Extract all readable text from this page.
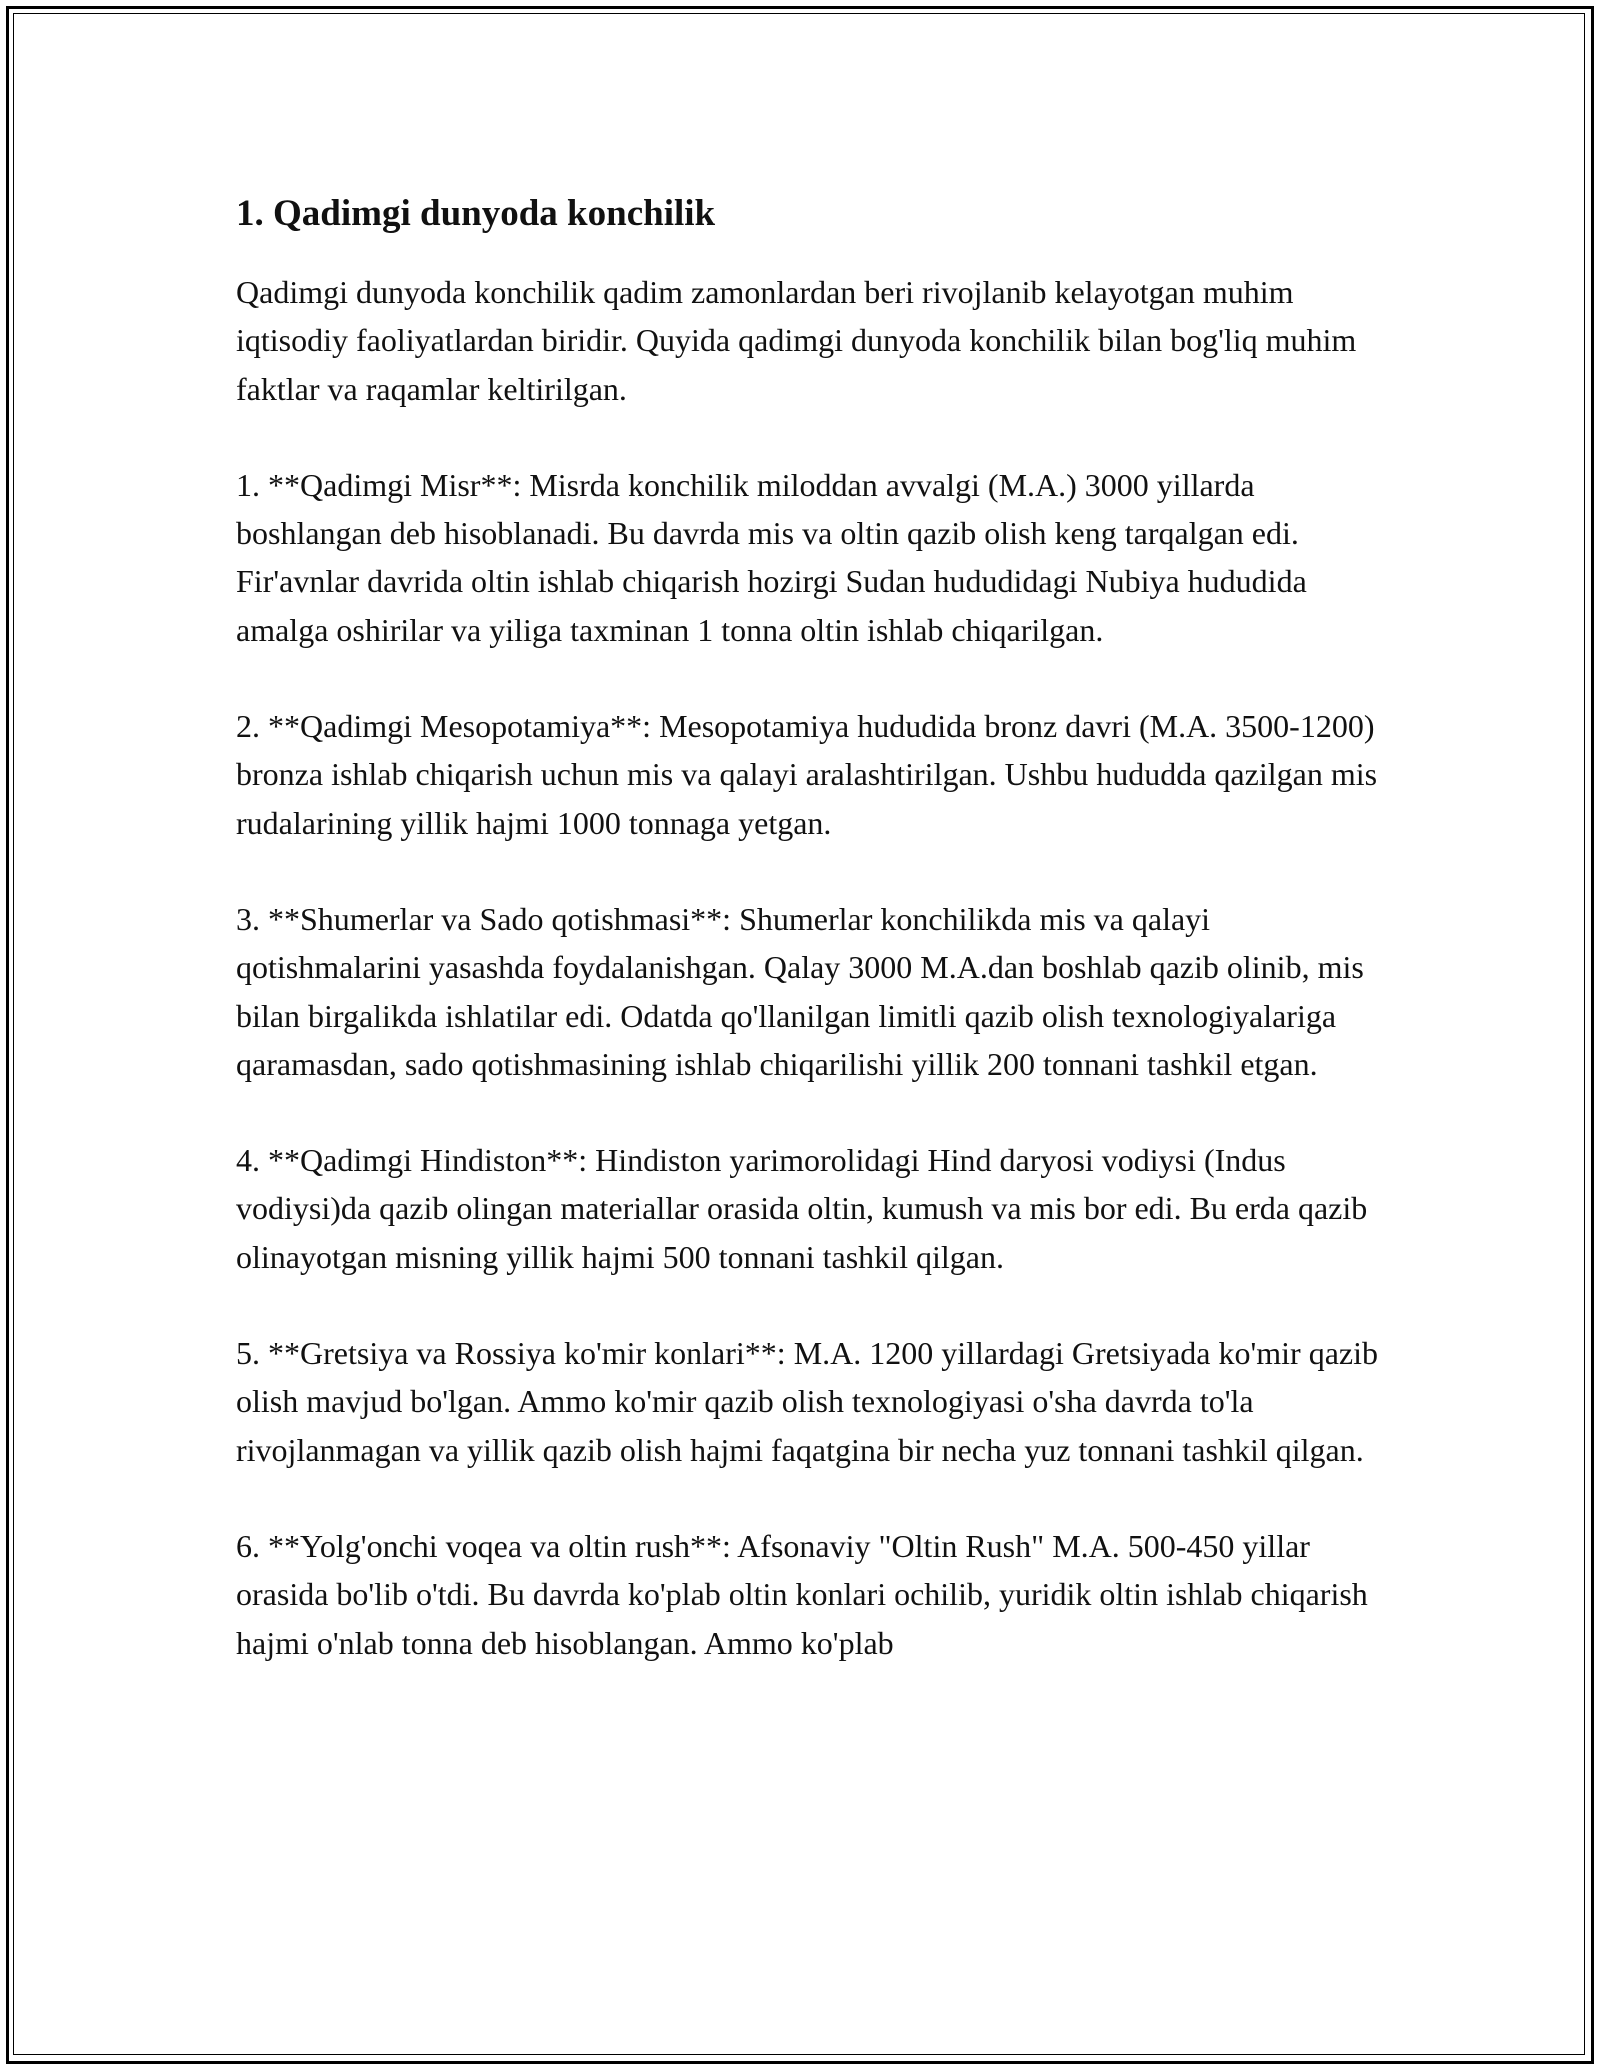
1. Qadimgi dunyoda konchilik

Qadimgi dunyoda konchilik qadim zamonlardan beri rivojlanib kelayotgan muhim iqtisodiy faoliyatlardan biridir. Quyida qadimgi dunyoda konchilik bilan bog'liq muhim faktlar va raqamlar keltirilgan.

1. **Qadimgi Misr**: Misrda konchilik miloddan avvalgi (M.A.) 3000 yillarda boshlangan deb hisoblanadi. Bu davrda mis va oltin qazib olish keng tarqalgan edi. Fir'avnlar davrida oltin ishlab chiqarish hozirgi Sudan hududidagi Nubiya hududida amalga oshirilar va yiliga taxminan 1 tonna oltin ishlab chiqarilgan.

2. **Qadimgi Mesopotamiya**: Mesopotamiya hududida bronz davri (M.A. 3500-1200) bronza ishlab chiqarish uchun mis va qalayi aralashtirilgan. Ushbu hududda qazilgan mis rudalarining yillik hajmi 1000 tonnaga yetgan.

3. **Shumerlar va Sado qotishmasi**: Shumerlar konchilikda mis va qalayi qotishmalarini yasashda foydalanishgan. Qalay 3000 M.A.dan boshlab qazib olinib, mis bilan birgalikda ishlatilar edi. Odatda qo'llanilgan limitli qazib olish texnologiyalariga qaramasdan, sado qotishmasining ishlab chiqarilishi yillik 200 tonnani tashkil etgan.

4. **Qadimgi Hindiston**: Hindiston yarimorolidagi Hind daryosi vodiysi (Indus vodiysi)da qazib olingan materiallar orasida oltin, kumush va mis bor edi. Bu erda qazib olinayotgan misning yillik hajmi 500 tonnani tashkil qilgan.

5. **Gretsiya va Rossiya ko'mir konlari**: M.A. 1200 yillardagi Gretsiyada ko'mir qazib olish mavjud bo'lgan. Ammo ko'mir qazib olish texnologiyasi o'sha davrda to'la rivojlanmagan va yillik qazib olish hajmi faqatgina bir necha yuz tonnani tashkil qilgan.

6. **Yolg'onchi voqea va oltin rush**: Afsonaviy "Oltin Rush" M.A. 500-450 yillar orasida bo'lib o'tdi. Bu davrda ko'plab oltin konlari ochilib, yuridik oltin ishlab chiqarish hajmi o'nlab tonna deb hisoblangan. Ammo ko'plab
